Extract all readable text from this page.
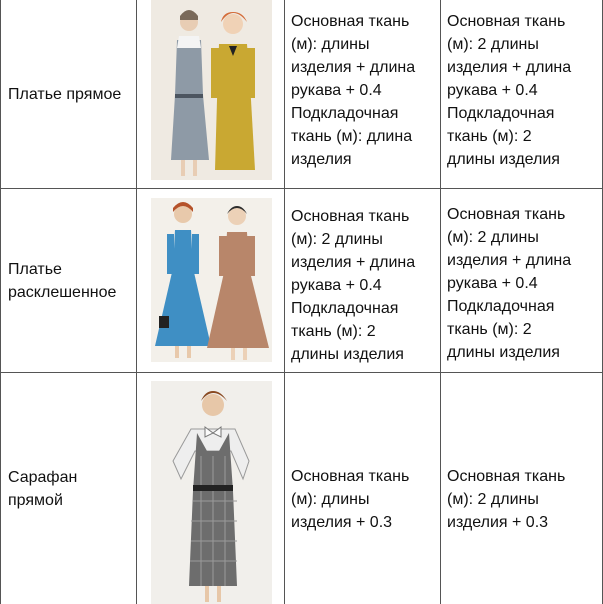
Платье прямое
Основная ткань
(м): длины
изделия + длина
рукава + 0.4
Подкладочная
ткань (м): длина
изделия
Основная ткань
(м): 2 длины
изделия + длина
рукава + 0.4
Подкладочная
ткань (м): 2
длины изделия
Платье
расклешенное
Основная ткань
(м): 2 длины
изделия + длина
рукава + 0.4
Подкладочная
ткань (м): 2
длины изделия
Основная ткань
(м): 2 длины
изделия + длина
рукава + 0.4
Подкладочная
ткань (м): 2
длины изделия
Сарафан
прямой
Основная ткань
(м): длины
изделия + 0.3
Основная ткань
(м): 2 длины
изделия + 0.3
